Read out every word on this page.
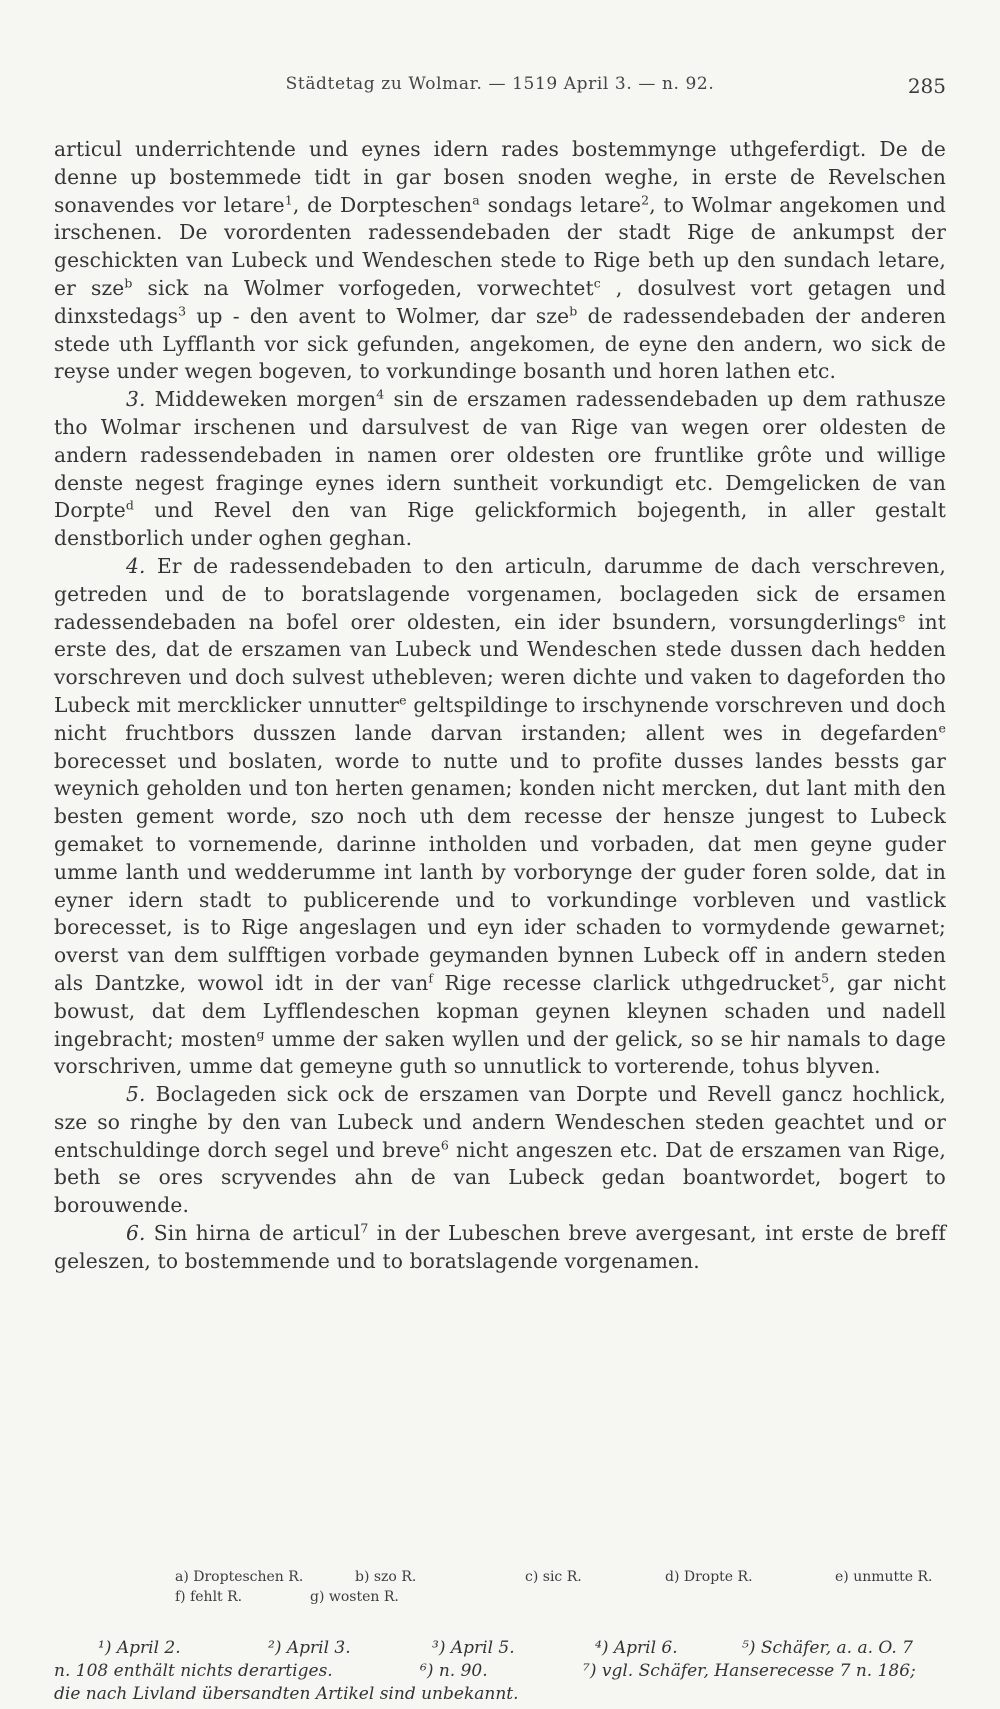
Städtetag zu Wolmar. — 1519 April 3. — n. 92.	285

articul underrichtende und eynes idern rades bostemmynge uthgeferdigt. De de denne up bostemmede tidt in gar bosen snoden weghe, in erste de Revelschen sonavendes vor letare$^1$, de Dorpteschen$^a$ sondags letare$^2$, to Wolmar angekomen und irschenen. De vorordenten radessendebaden der stadt Rige de ankumpst der geschickten van Lubeck und Wendeschen stede to Rige beth up den sundach letare, er sze$^b$ sick na Wolmer vorfogeden, vorwechtet$^c$ , dosulvest vort getagen und dinxstedags$^3$ up - den avent to Wolmer, dar sze$^b$ de radessendebaden der anderen stede uth Lyfflanth vor sick gefunden, angekomen, de eyne den andern, wo sick de reyse under wegen bogeven, to vorkundinge bosanth und horen lathen etc.

3. Middeweken morgen$^4$ sin de erszamen radessendebaden up dem rathusze tho Wolmar irschenen und darsulvest de van Rige van wegen orer oldesten de andern radessendebaden in namen orer oldesten ore fruntlike grôte und willige denste negest fraginge eynes idern suntheit vorkundigt etc. Demgelicken de van Dorpte$^d$ und Revel den van Rige gelickformich bojegenth, in aller gestalt denstborlich under oghen geghan.

4. Er de radessendebaden to den articuln, darumme de dach verschreven, getreden und de to boratslagende vorgenamen, boclageden sick de ersamen radessendebaden na bofel orer oldesten, ein ider bsundern, vorsungderlings$^e$ int erste des, dat de erszamen van Lubeck und Wendeschen stede dussen dach hedden vorschreven und doch sulvest uthebleven; weren dichte und vaken to dageforden tho Lubeck mit mercklicker unnutter$^e$ geltspildinge to irschynende vorschreven und doch nicht fruchtbors dusszen lande darvan irstanden; allent wes in degefarden$^e$ borecesset und boslaten, worde to nutte und to profite dusses landes bessts gar weynich geholden und ton herten genamen; konden nicht mercken, dut lant mith den besten gement worde, szo noch uth dem recesse der hensze jungest to Lubeck gemaket to vornemende, darinne intholden und vorbaden, dat men geyne guder umme lanth und wedderumme int lanth by vorborynge der guder foren solde, dat in eyner idern stadt to publicerende und to vorkundinge vorbleven und vastlick borecesset, is to Rige angeslagen und eyn ider schaden to vormydende gewarnet; overst van dem sulfftigen vorbade geymanden bynnen Lubeck off in andern steden als Dantzke, wowol idt in der van$^f$ Rige recesse clarlick uthgedrucket$^5$, gar nicht bowust, dat dem Lyfflendeschen kopman geynen kleynen schaden und nadell ingebracht; mosten$^g$ umme der saken wyllen und der gelick, so se hir namals to dage vorschriven, umme dat gemeyne guth so unnutlick to vorterende, tohus blyven.

5. Boclageden sick ock de erszamen van Dorpte und Revell gancz hochlick, sze so ringhe by den van Lubeck und andern Wendeschen steden geachtet und or entschuldinge dorch segel und breve$^6$ nicht angeszen etc. Dat de erszamen van Rige, beth se ores scryvendes ahn de van Lubeck gedan boantwordet, bogert to borouwende.

6. Sin hirna de articul$^7$ in der Lubeschen breve avergesant, int erste de breff geleszen, to bostemmende und to boratslagende vorgenamen.

a) Dropteschen R.	b) szo R.	c) sic R.	d) Dropte R.	e) unmutte R.
f) fehlt R.	g) wosten R.
¹) April 2.	²) April 3.	³) April 5.	⁴) April 6.	⁵) Schäfer, a. a. O. 7
n. 108 enthält nichts derartiges.	⁶) n. 90.	⁷) vgl. Schäfer, Hanserecesse 7 n. 186;
die nach Livland übersandten Artikel sind unbekannt.
